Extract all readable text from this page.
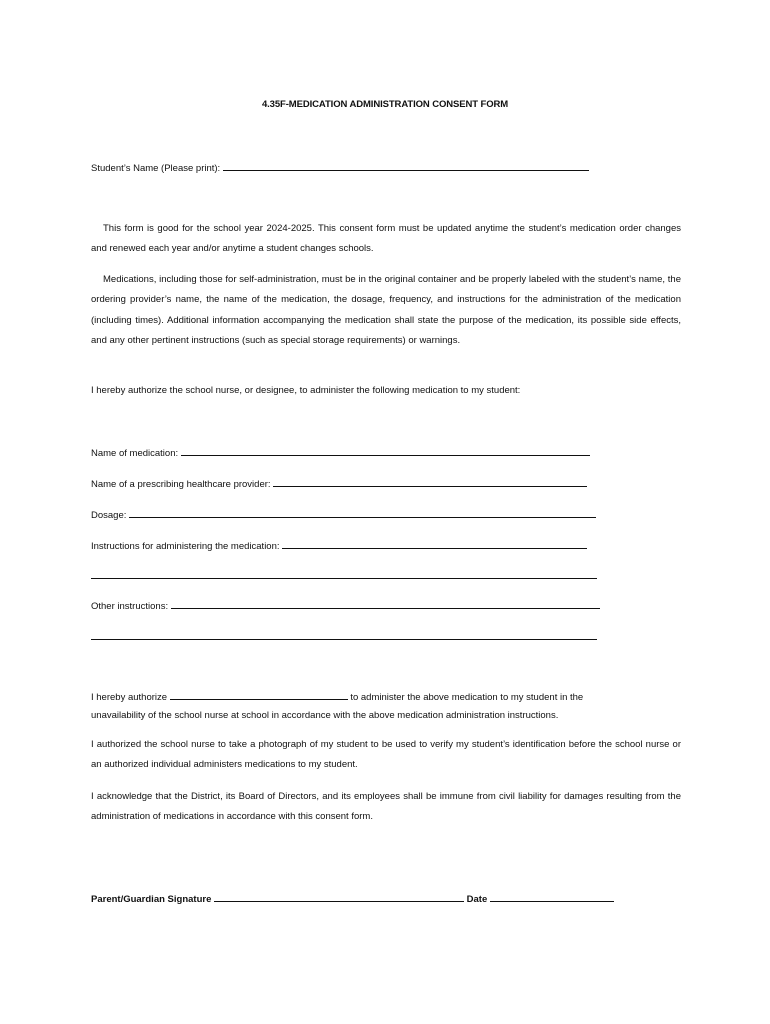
4.35F-MEDICATION ADMINISTRATION CONSENT FORM
Student’s Name (Please print):
This form is good for the school year 2024-2025. This consent form must be updated anytime the student’s medication order changes and renewed each year and/or anytime a student changes schools.
Medications, including those for self-administration, must be in the original container and be properly labeled with the student’s name, the ordering provider’s name, the name of the medication, the dosage, frequency, and instructions for the administration of the medication (including times). Additional information accompanying the medication shall state the purpose of the medication, its possible side effects, and any other pertinent instructions (such as special storage requirements) or warnings.
I hereby authorize the school nurse, or designee, to administer the following medication to my student:
Name of medication:
Name of a prescribing healthcare provider:
Dosage:
Instructions for administering the medication:
Other instructions:
I hereby authorize	to administer the above medication to my student in the
unavailability of the school nurse at school in accordance with the above medication administration instructions.
I authorized the school nurse to take a photograph of my student to be used to verify my student’s identification before the school nurse or an authorized individual administers medications to my student.
I acknowledge that the District, its Board of Directors, and its employees shall be immune from civil liability for damages resulting from the administration of medications in accordance with this consent form.
Parent/Guardian Signature	Date
